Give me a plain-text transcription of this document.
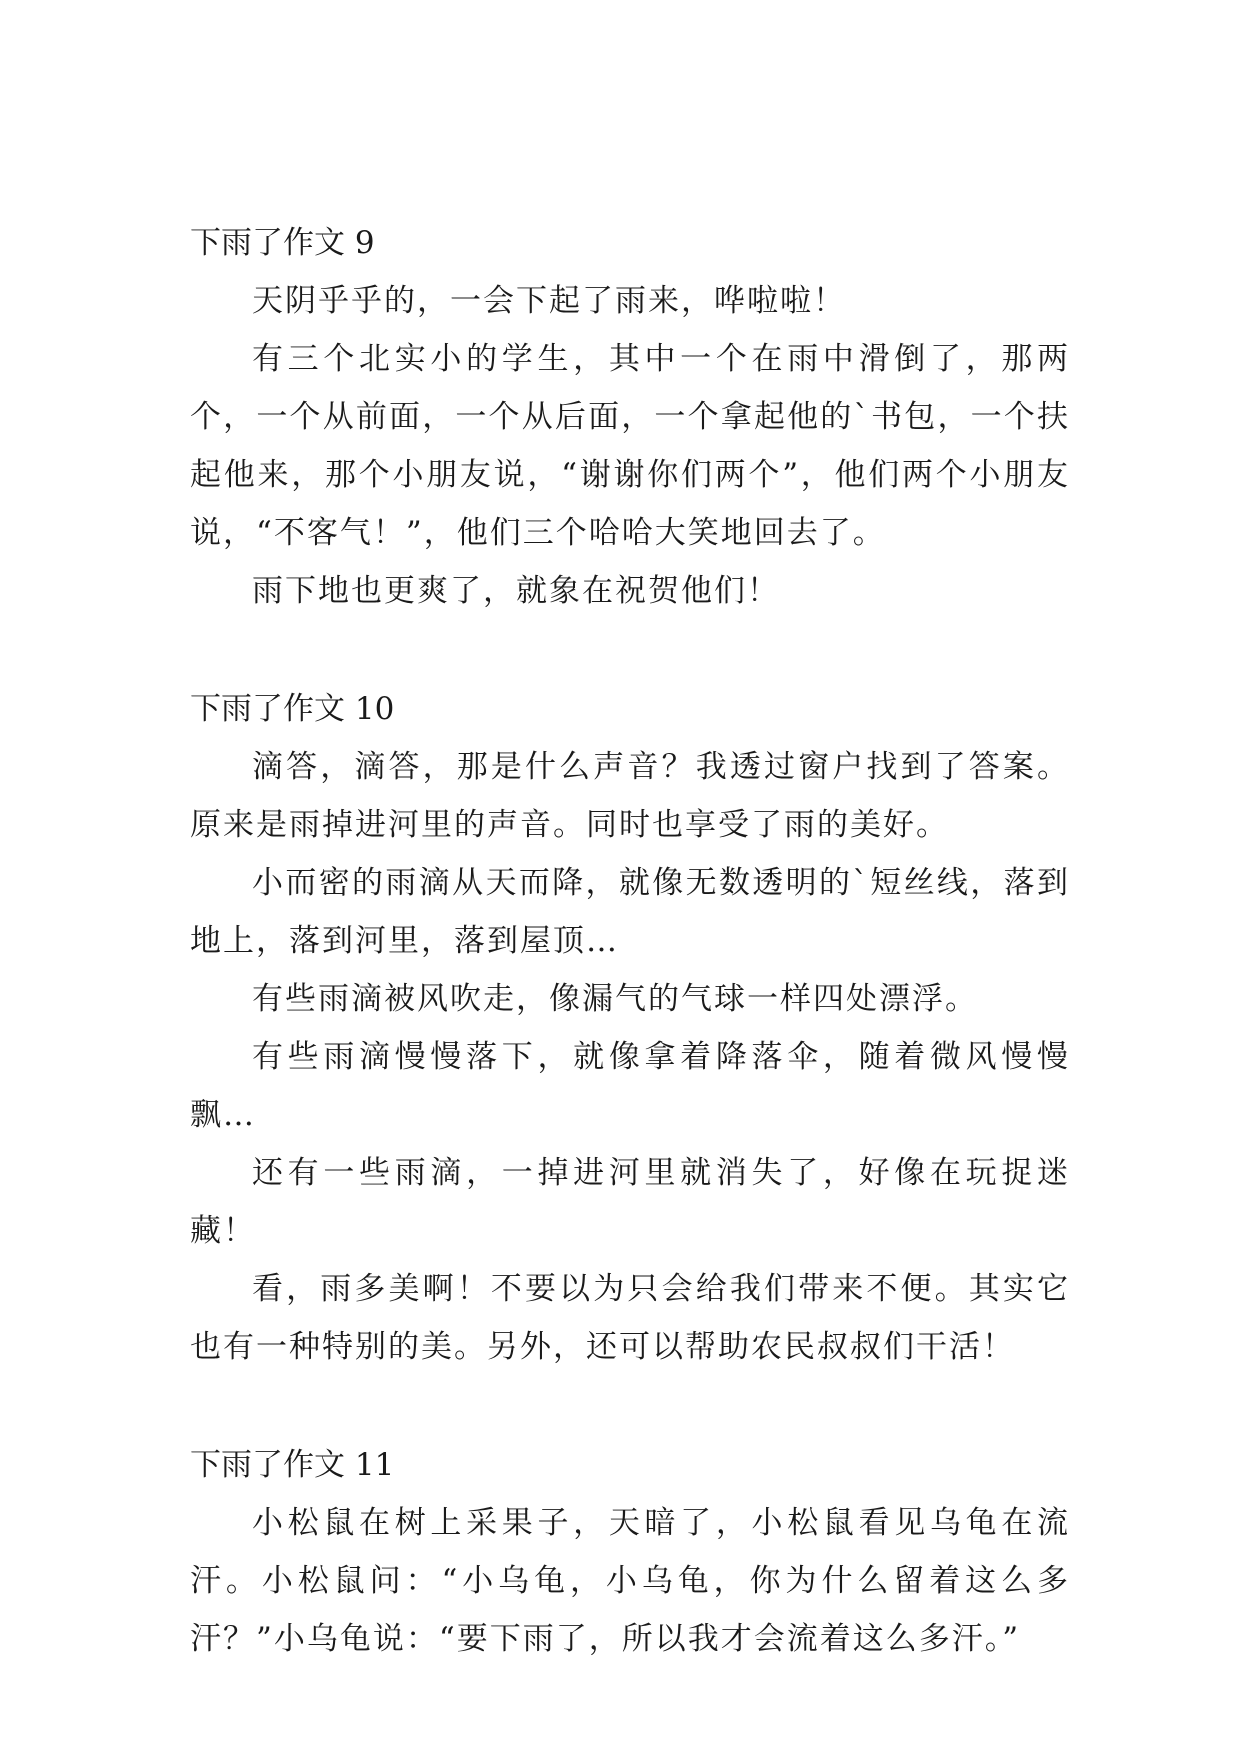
下雨了作文 9

天阴乎乎的，一会下起了雨来，哗啦啦！

有三个北实小的学生，其中一个在雨中滑倒了，那两个，一个从前面，一个从后面，一个拿起他的`书包，一个扶起他来，那个小朋友说，“谢谢你们两个”，他们两个小朋友说，“不客气！”，他们三个哈哈大笑地回去了。

雨下地也更爽了，就象在祝贺他们！

下雨了作文 10

滴答，滴答，那是什么声音？我透过窗户找到了答案。原来是雨掉进河里的声音。同时也享受了雨的美好。

小而密的雨滴从天而降，就像无数透明的`短丝线，落到地上，落到河里，落到屋顶…

有些雨滴被风吹走，像漏气的气球一样四处漂浮。

有些雨滴慢慢落下，就像拿着降落伞，随着微风慢慢飘…

还有一些雨滴，一掉进河里就消失了，好像在玩捉迷藏！

看，雨多美啊！不要以为只会给我们带来不便。其实它也有一种特别的美。另外，还可以帮助农民叔叔们干活！

下雨了作文 11

小松鼠在树上采果子，天暗了，小松鼠看见乌龟在流汗。小松鼠问：“小乌龟，小乌龟，你为什么留着这么多汗？”小乌龟说：“要下雨了，所以我才会流着这么多汗。”
